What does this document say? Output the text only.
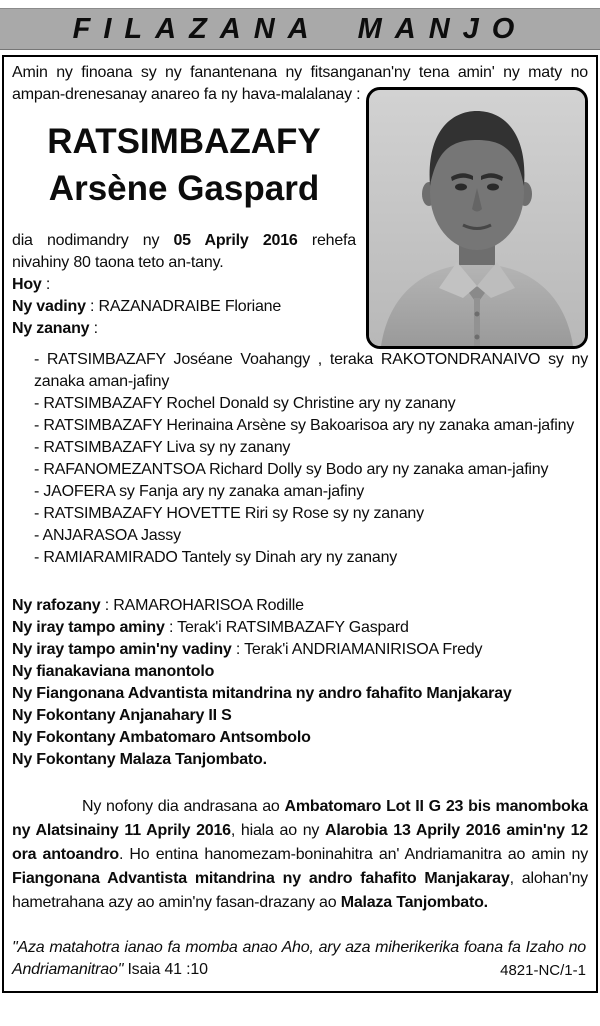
FILAZANA MANJO

Amin ny finoana sy ny fanantenana ny fitsanganan'ny tena amin' ny maty no ampan-drenesanay anareo fa ny hava-malalanay :

RATSIMBAZAFY
Arsène Gaspard

dia nodimandry ny 05 Aprily 2016 rehefa nivahiny 80 taona teto an-tany.

Hoy :
Ny vadiny : RAZANADRAIBE Floriane
Ny zanany :
- RATSIMBAZAFY Joséane Voahangy , teraka RAKOTONDRANAIVO sy ny zanaka aman-jafiny
- RATSIMBAZAFY Rochel Donald sy Christine ary ny zanany
- RATSIMBAZAFY Herinaina Arsène sy Bakoarisoa ary ny zanaka aman-jafiny
- RATSIMBAZAFY Liva sy ny zanany
- RAFANOMEZANTSOA Richard Dolly sy Bodo ary ny zanaka aman-jafiny
- JAOFERA sy Fanja ary ny zanaka aman-jafiny
- RATSIMBAZAFY HOVETTE Riri sy Rose sy ny zanany
- ANJARASOA Jassy
- RAMIARAMIRADO Tantely sy Dinah ary ny zanany
Ny rafozany : RAMAROHARISOA Rodille
Ny iray tampo aminy : Terak'i RATSIMBAZAFY Gaspard
Ny iray tampo amin'ny vadiny : Terak'i ANDRIAMANIRISOA Fredy
Ny fianakaviana manontolo
Ny Fiangonana Advantista mitandrina ny andro fahafito Manjakaray
Ny Fokontany Anjanahary II S
Ny Fokontany Ambatomaro Antsombolo
Ny Fokontany Malaza Tanjombato.

Ny nofony dia andrasana ao Ambatomaro Lot II G 23 bis manomboka ny Alatsinainy 11 Aprily 2016, hiala ao ny Alarobia 13 Aprily 2016 amin'ny 12 ora antoandro. Ho entina hanomezam-boninahitra an' Andriamanitra ao amin ny Fiangonana Advantista mitandrina ny andro fahafito Manjakaray, alohan'ny hametrahana azy ao amin'ny fasan-drazany ao Malaza Tanjombato.

"Aza matahotra ianao fa momba anao Aho, ary aza miherikerika foana fa Izaho no Andriamanitrao" Isaia 41 :10	4821-NC/1-1
